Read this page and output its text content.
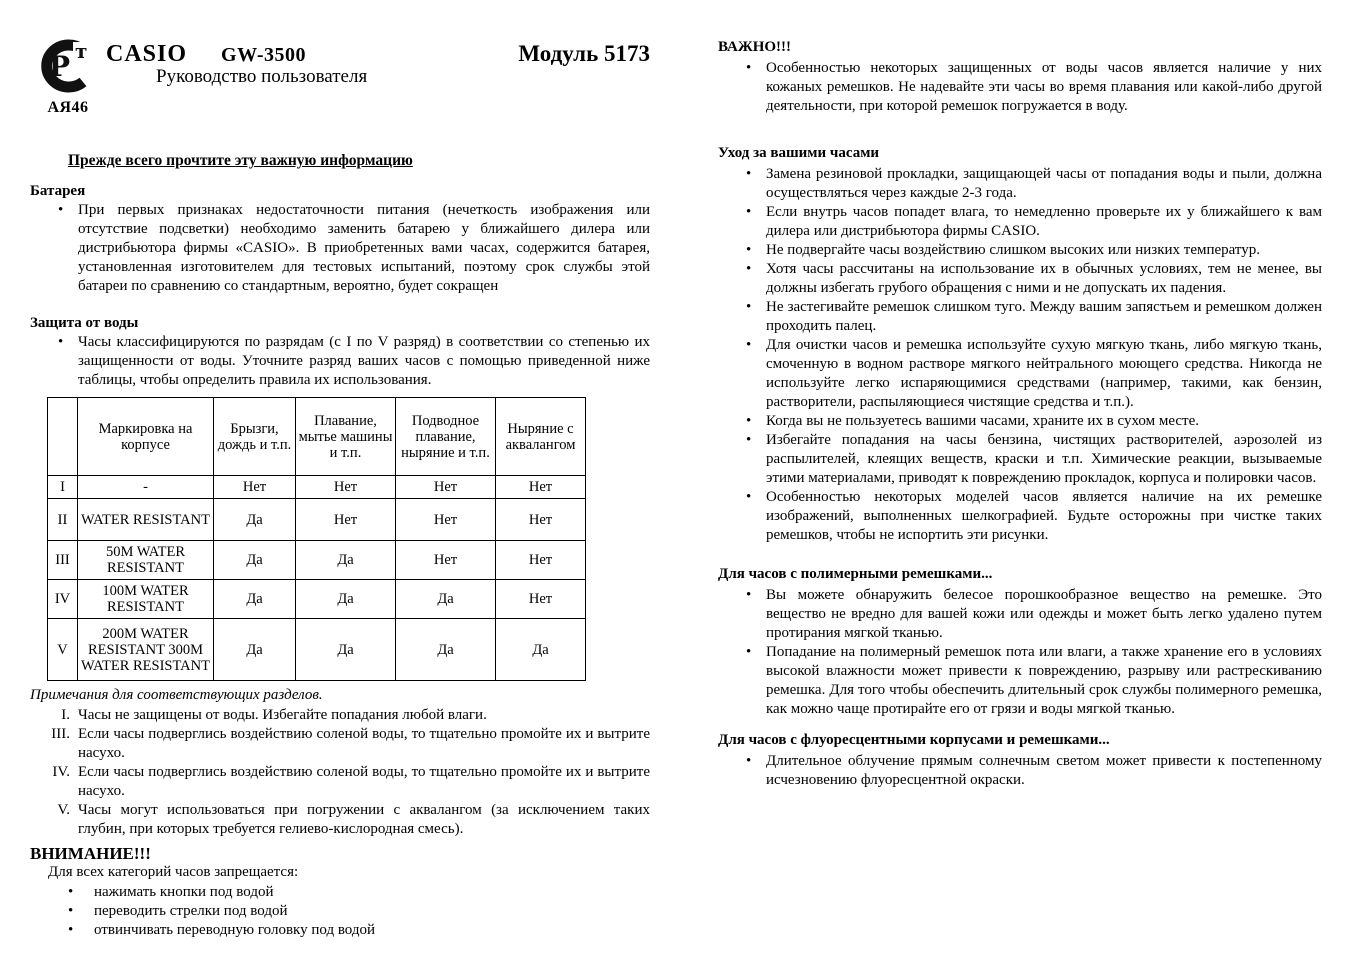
Р т
АЯ46
CASIO GW-3500	Модуль 5173
Руководство пользователя
Прежде всего прочтите эту важную информацию
Батарея
• При первых признаках недостаточности питания (нечеткость изображения или отсутствие подсветки) необходимо заменить батарею у ближайшего дилера или дистрибьютора фирмы «CASIO». В приобретенных вами часах, содержится батарея, установленная изготовителем для тестовых испытаний, поэтому срок службы этой батареи по сравнению со стандартным, вероятно, будет сокращен
Защита от воды
• Часы классифицируются по разрядам (с I по V разряд) в соответствии со степенью их защищенности от воды. Уточните разряд ваших часов с помощью приведенной ниже таблицы, чтобы определить правила их использования.
	Маркировка на корпусе	Брызги, дождь и т.п.	Плавание, мытье машины и т.п.	Подводное плавание, ныряние и т.п.	Ныряние с аквалангом
I	-	Нет	Нет	Нет	Нет
II	WATER RESISTANT	Да	Нет	Нет	Нет
III	50M WATER RESISTANT	Да	Да	Нет	Нет
IV	100M WATER RESISTANT	Да	Да	Да	Нет
V	200M WATER RESISTANT 300M WATER RESISTANT	Да	Да	Да	Да
Примечания для соответствующих разделов.
I. Часы не защищены от воды. Избегайте попадания любой влаги.
III. Если часы подверглись воздействию соленой воды, то тщательно промойте их и вытрите насухо.
IV. Если часы подверглись воздействию соленой воды, то тщательно промойте их и вытрите насухо.
V. Часы могут использоваться при погружении с аквалангом (за исключением таких глубин, при которых требуется гелиево-кислородная смесь).
ВНИМАНИЕ!!!
Для всех категорий часов запрещается:
• нажимать кнопки под водой
• переводить стрелки под водой
• отвинчивать переводную головку под водой
ВАЖНО!!!
• Особенностью некоторых защищенных от воды часов является наличие у них кожаных ремешков. Не надевайте эти часы во время плавания или какой-либо другой деятельности, при которой ремешок погружается в воду.
Уход за вашими часами
• Замена резиновой прокладки, защищающей часы от попадания воды и пыли, должна осуществляться через каждые 2-3 года.
• Если внутрь часов попадет влага, то немедленно проверьте их у ближайшего к вам дилера или дистрибьютора фирмы CASIO.
• Не подвергайте часы воздействию слишком высоких или низких температур.
• Хотя часы рассчитаны на использование их в обычных условиях, тем не менее, вы должны избегать грубого обращения с ними и не допускать их падения.
• Не застегивайте ремешок слишком туго. Между вашим запястьем и ремешком должен проходить палец.
• Для очистки часов и ремешка используйте сухую мягкую ткань, либо мягкую ткань, смоченную в водном растворе мягкого нейтрального моющего средства. Никогда не используйте легко испаряющимися средствами (например, такими, как бензин, растворители, распыляющиеся чистящие средства и т.п.).
• Когда вы не пользуетесь вашими часами, храните их в сухом месте.
• Избегайте попадания на часы бензина, чистящих растворителей, аэрозолей из распылителей, клеящих веществ, краски и т.п. Химические реакции, вызываемые этими материалами, приводят к повреждению прокладок, корпуса и полировки часов.
• Особенностью некоторых моделей часов является наличие на их ремешке изображений, выполненных шелкографией. Будьте осторожны при чистке таких ремешков, чтобы не испортить эти рисунки.
Для часов с полимерными ремешками...
• Вы можете обнаружить белесое порошкообразное вещество на ремешке. Это вещество не вредно для вашей кожи или одежды и может быть легко удалено путем протирания мягкой тканью.
• Попадание на полимерный ремешок пота или влаги, а также хранение его в условиях высокой влажности может привести к повреждению, разрыву или растрескиванию ремешка. Для того чтобы обеспечить длительный срок службы полимерного ремешка, как можно чаще протирайте его от грязи и воды мягкой тканью.
Для часов с флуоресцентными корпусами и ремешками...
• Длительное облучение прямым солнечным светом может привести к постепенному исчезновению флуоресцентной окраски.
